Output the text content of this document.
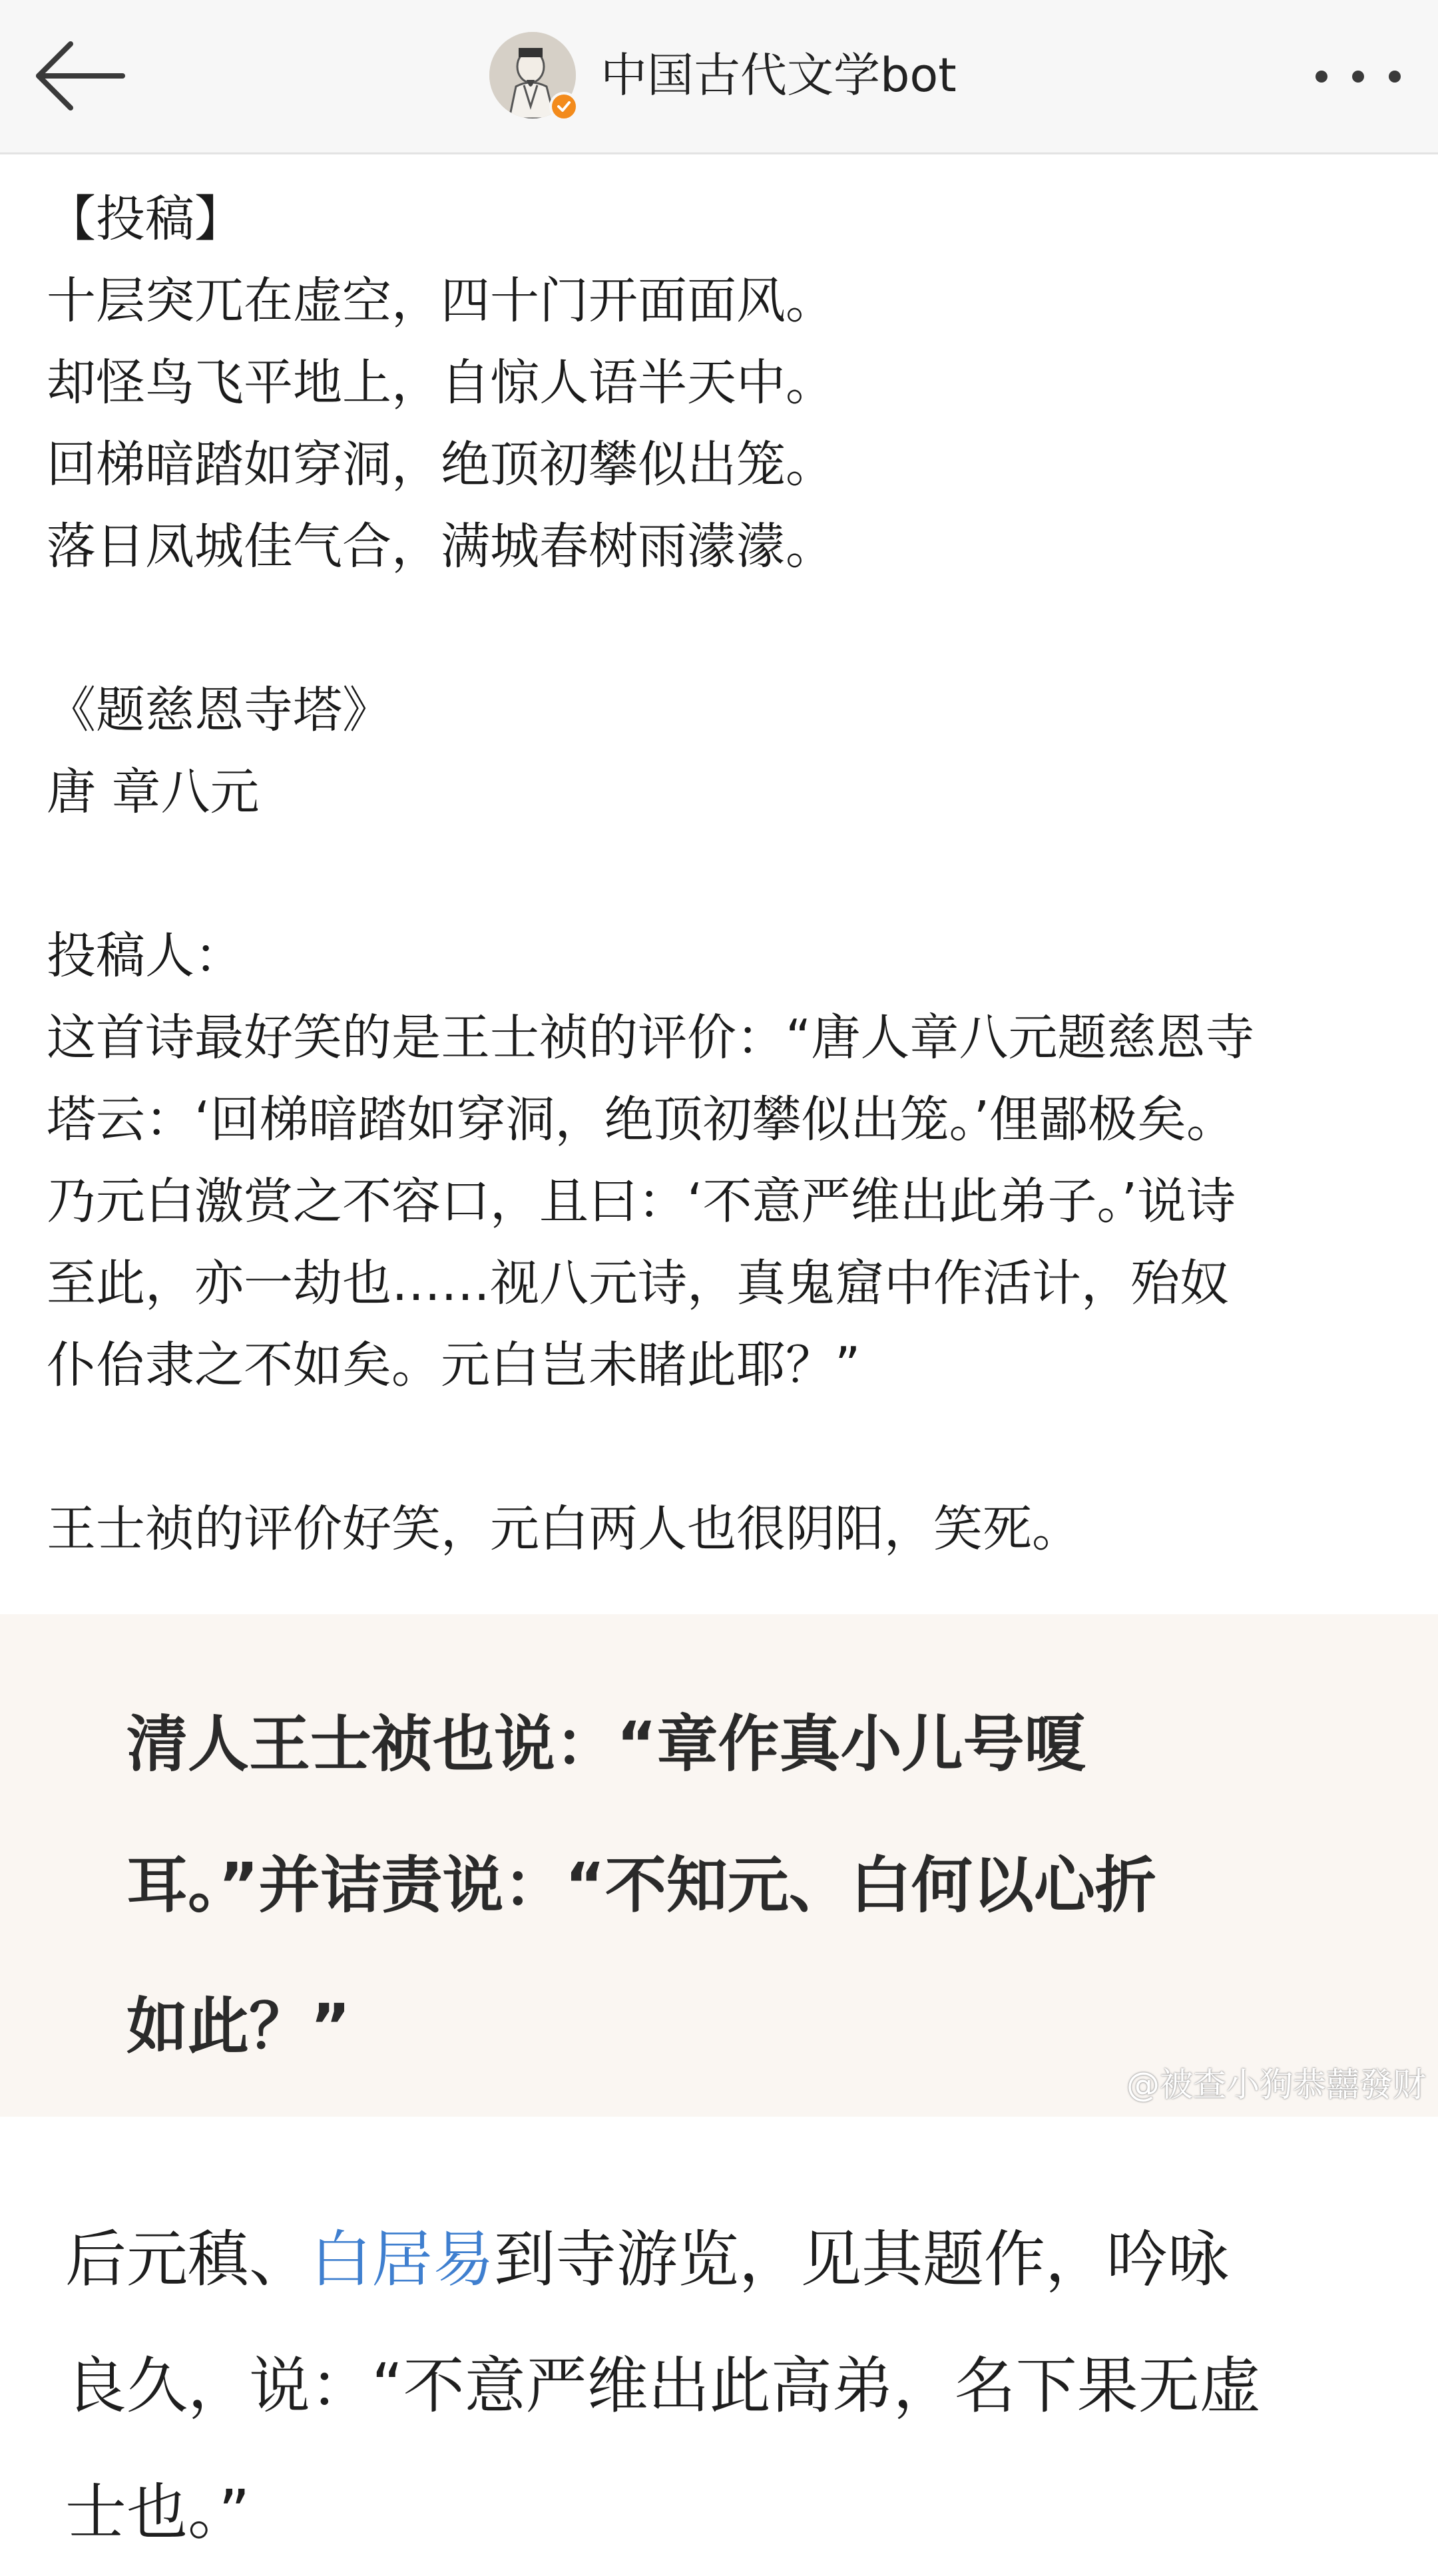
中国古代文学bot
【投稿】
十层突兀在虚空，四十门开面面风。
却怪鸟飞平地上，自惊人语半天中。
回梯暗踏如穿洞，绝顶初攀似出笼。
落日凤城佳气合，满城春树雨濛濛。
《题慈恩寺塔》
唐 章八元
投稿人：
这首诗最好笑的是王士祯的评价：“唐人章八元题慈恩寺
塔云：‘回梯暗踏如穿洞，绝顶初攀似出笼。’俚鄙极矣。
乃元白激赏之不容口，且曰：‘不意严维出此弟子。’说诗
至此，亦一劫也……视八元诗，真鬼窟中作活计，殆奴
仆佁隶之不如矣。元白岂未睹此耶？”
王士祯的评价好笑，元白两人也很阴阳，笑死。
清人王士祯也说：“章作真小儿号嗄
耳。”并诘责说：“不知元、白何以心折
如此？”
@被查小狗恭囍發财
后元稹、白居易到寺游览，见其题作，吟咏
良久，说：“不意严维出此高弟，名下果无虚
士也。”
